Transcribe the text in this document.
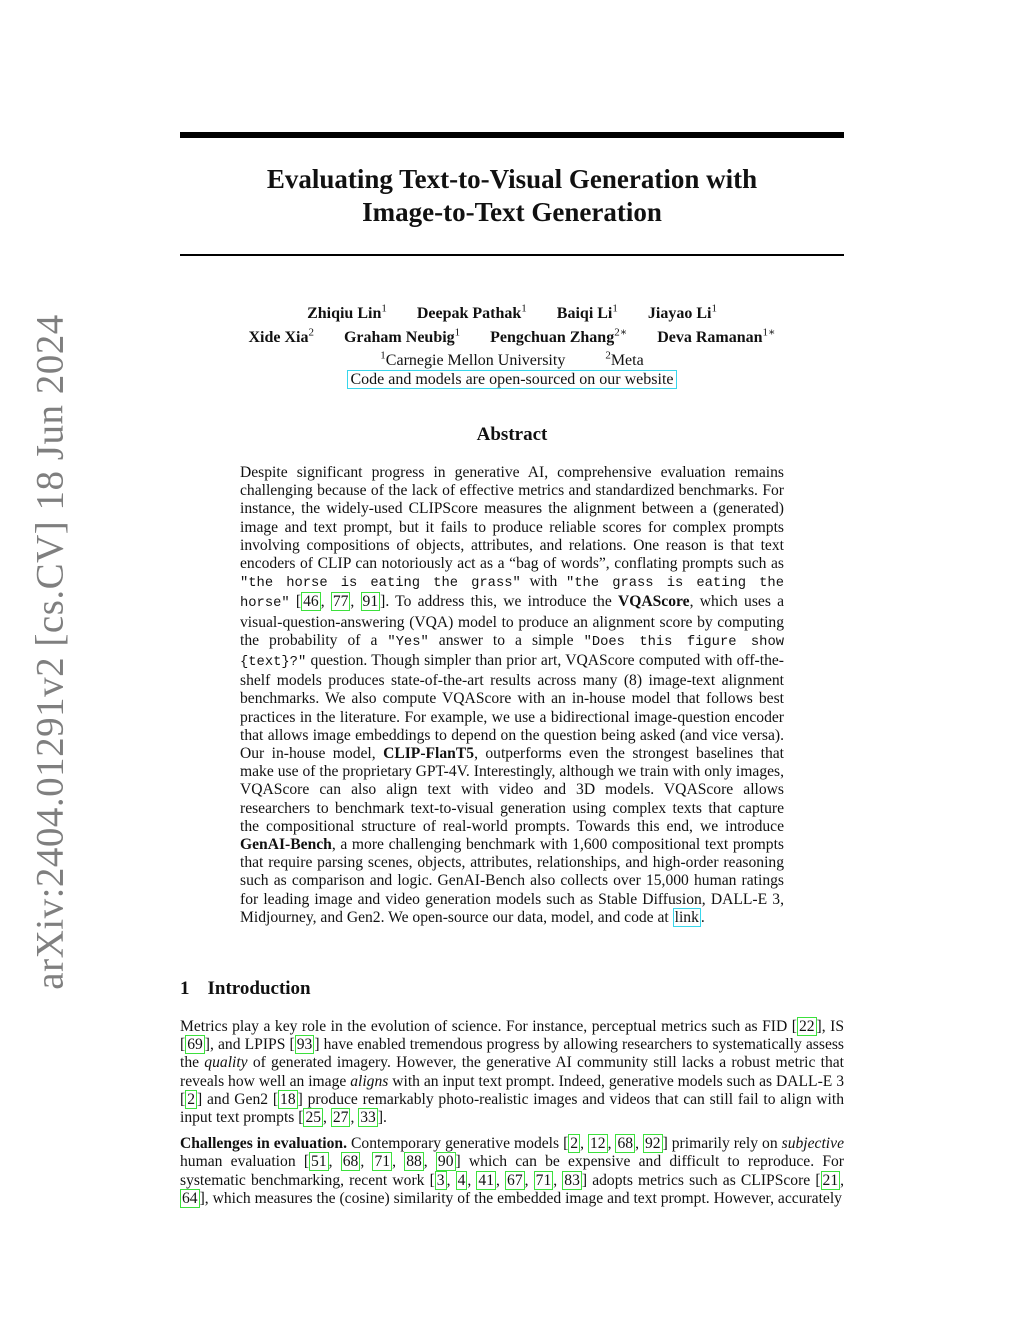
arXiv:2404.01291v2 [cs.CV] 18 Jun 2024
Evaluating Text-to-Visual Generation with
Image-to-Text Generation
Zhiqiu Lin$^1$ Deepak Pathak$^1$ Baiqi Li$^1$ Jiayao Li$^1$
Xide Xia$^2$ Graham Neubig$^1$ Pengchuan Zhang$^{2∗}$ Deva Ramanan$^{1∗}$
$^1$Carnegie Mellon University	$^2$Meta
Code and models are open-sourced on our website
Abstract

Despite significant progress in generative AI, comprehensive evaluation remains challenging because of the lack of effective metrics and standardized benchmarks. For instance, the widely-used CLIPScore measures the alignment between a (generated) image and text prompt, but it fails to produce reliable scores for complex prompts involving compositions of objects, attributes, and relations. One reason is that text encoders of CLIP can notoriously act as a “bag of words”, conflating prompts such as "the horse is eating the grass" with "the grass is eating the horse" [ 46 , 77 , 91 ]. To address this, we introduce the VQAScore, which uses a visual-question-answering (VQA) model to produce an alignment score by computing the probability of a "Yes" answer to a simple "Does this figure show {text}?" question. Though simpler than prior art, VQAScore computed with off-the-shelf models produces state-of-the-art results across many (8) image-text alignment benchmarks. We also compute VQAScore with an in-house model that follows best practices in the literature. For example, we use a bidirectional image-question encoder that allows image embeddings to depend on the question being asked (and vice versa). Our in-house model, CLIP-FlanT5, outperforms even the strongest baselines that make use of the proprietary GPT-4V. Interestingly, although we train with only images, VQAScore can also align text with video and 3D models. VQAScore allows researchers to benchmark text-to-visual generation using complex texts that capture the compositional structure of real-world prompts. Towards this end, we introduce GenAI-Bench, a more challenging benchmark with 1,600 compositional text prompts that require parsing scenes, objects, attributes, relationships, and high-order reasoning such as comparison and logic. GenAI-Bench also collects over 15,000 human ratings for leading image and video generation models such as Stable Diffusion, DALL-E 3, Midjourney, and Gen2. We open-source our data, model, and code at link .

1 Introduction

Metrics play a key role in the evolution of science. For instance, perceptual metrics such as FID [ 22 ], IS [ 69 ], and LPIPS [ 93 ] have enabled tremendous progress by allowing researchers to systematically assess the quality of generated imagery. However, the generative AI community still lacks a robust metric that reveals how well an image aligns with an input text prompt. Indeed, generative models such as DALL-E 3 [ 2 ] and Gen2 [ 18 ] produce remarkably photo-realistic images and videos that can still fail to align with input text prompts [ 25 , 27 , 33 ].

Challenges in evaluation. Contemporary generative models [ 2 , 12 , 68 , 92 ] primarily rely on subjective human evaluation [ 51 , 68 , 71 , 88 , 90 ] which can be expensive and difficult to reproduce. For systematic benchmarking, recent work [ 3 , 4 , 41 , 67 , 71 , 83 ] adopts metrics such as CLIPScore [ 21 , 64 ], which measures the (cosine) similarity of the embedded image and text prompt. However, accurately
